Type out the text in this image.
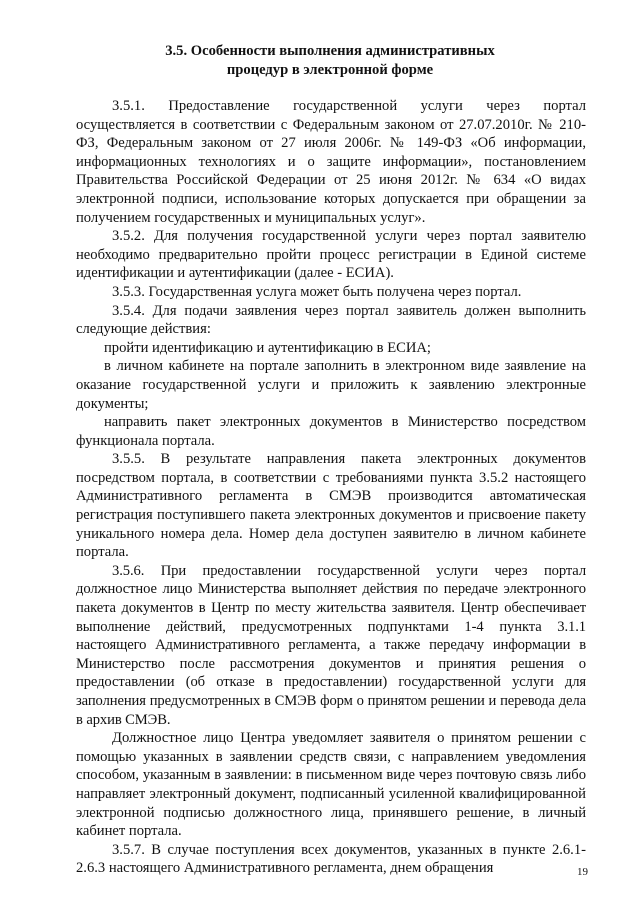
3.5. Особенности выполнения административных
процедур в электронной форме

3.5.1. Предоставление государственной услуги через портал осуществляется в соответствии с Федеральным законом от 27.07.2010г. № 210-ФЗ, Федеральным законом от 27 июля 2006г. № 149-ФЗ «Об информации, информационных технологиях и о защите информации», постановлением Правительства Российской Федерации от 25 июня 2012г. № 634 «О видах электронной подписи, использование которых допускается при обращении за получением государственных и муниципальных услуг».

3.5.2. Для получения государственной услуги через портал заявителю необходимо предварительно пройти процесс регистрации в Единой системе идентификации и аутентификации (далее - ЕСИА).

3.5.3. Государственная услуга может быть получена через портал.

3.5.4. Для подачи заявления через портал заявитель должен выполнить следующие действия:

пройти идентификацию и аутентификацию в ЕСИА;

в личном кабинете на портале заполнить в электронном виде заявление на оказание государственной услуги и приложить к заявлению электронные документы;

направить пакет электронных документов в Министерство посредством функционала портала.

3.5.5. В результате направления пакета электронных документов посредством портала, в соответствии с требованиями пункта 3.5.2 настоящего Административного регламента в СМЭВ производится автоматическая регистрация поступившего пакета электронных документов и присвоение пакету уникального номера дела. Номер дела доступен заявителю в личном кабинете портала.

3.5.6. При предоставлении государственной услуги через портал должностное лицо Министерства выполняет действия по передаче электронного пакета документов в Центр по месту жительства заявителя. Центр обеспечивает выполнение действий, предусмотренных подпунктами 1-4 пункта 3.1.1 настоящего Административного регламента, а также передачу информации в Министерство после рассмотрения документов и принятия решения о предоставлении (об отказе в предоставлении) государственной услуги для заполнения предусмотренных в СМЭВ форм о принятом решении и перевода дела в архив СМЭВ.

Должностное лицо Центра уведомляет заявителя о принятом решении с помощью указанных в заявлении средств связи, с направлением уведомления способом, указанным в заявлении: в письменном виде через почтовую связь либо направляет электронный документ, подписанный усиленной квалифицированной электронной подписью должностного лица, принявшего решение, в личный кабинет портала.

3.5.7. В случае поступления всех документов, указанных в пункте 2.6.1-2.6.3 настоящего Административного регламента, днем обращения	19
